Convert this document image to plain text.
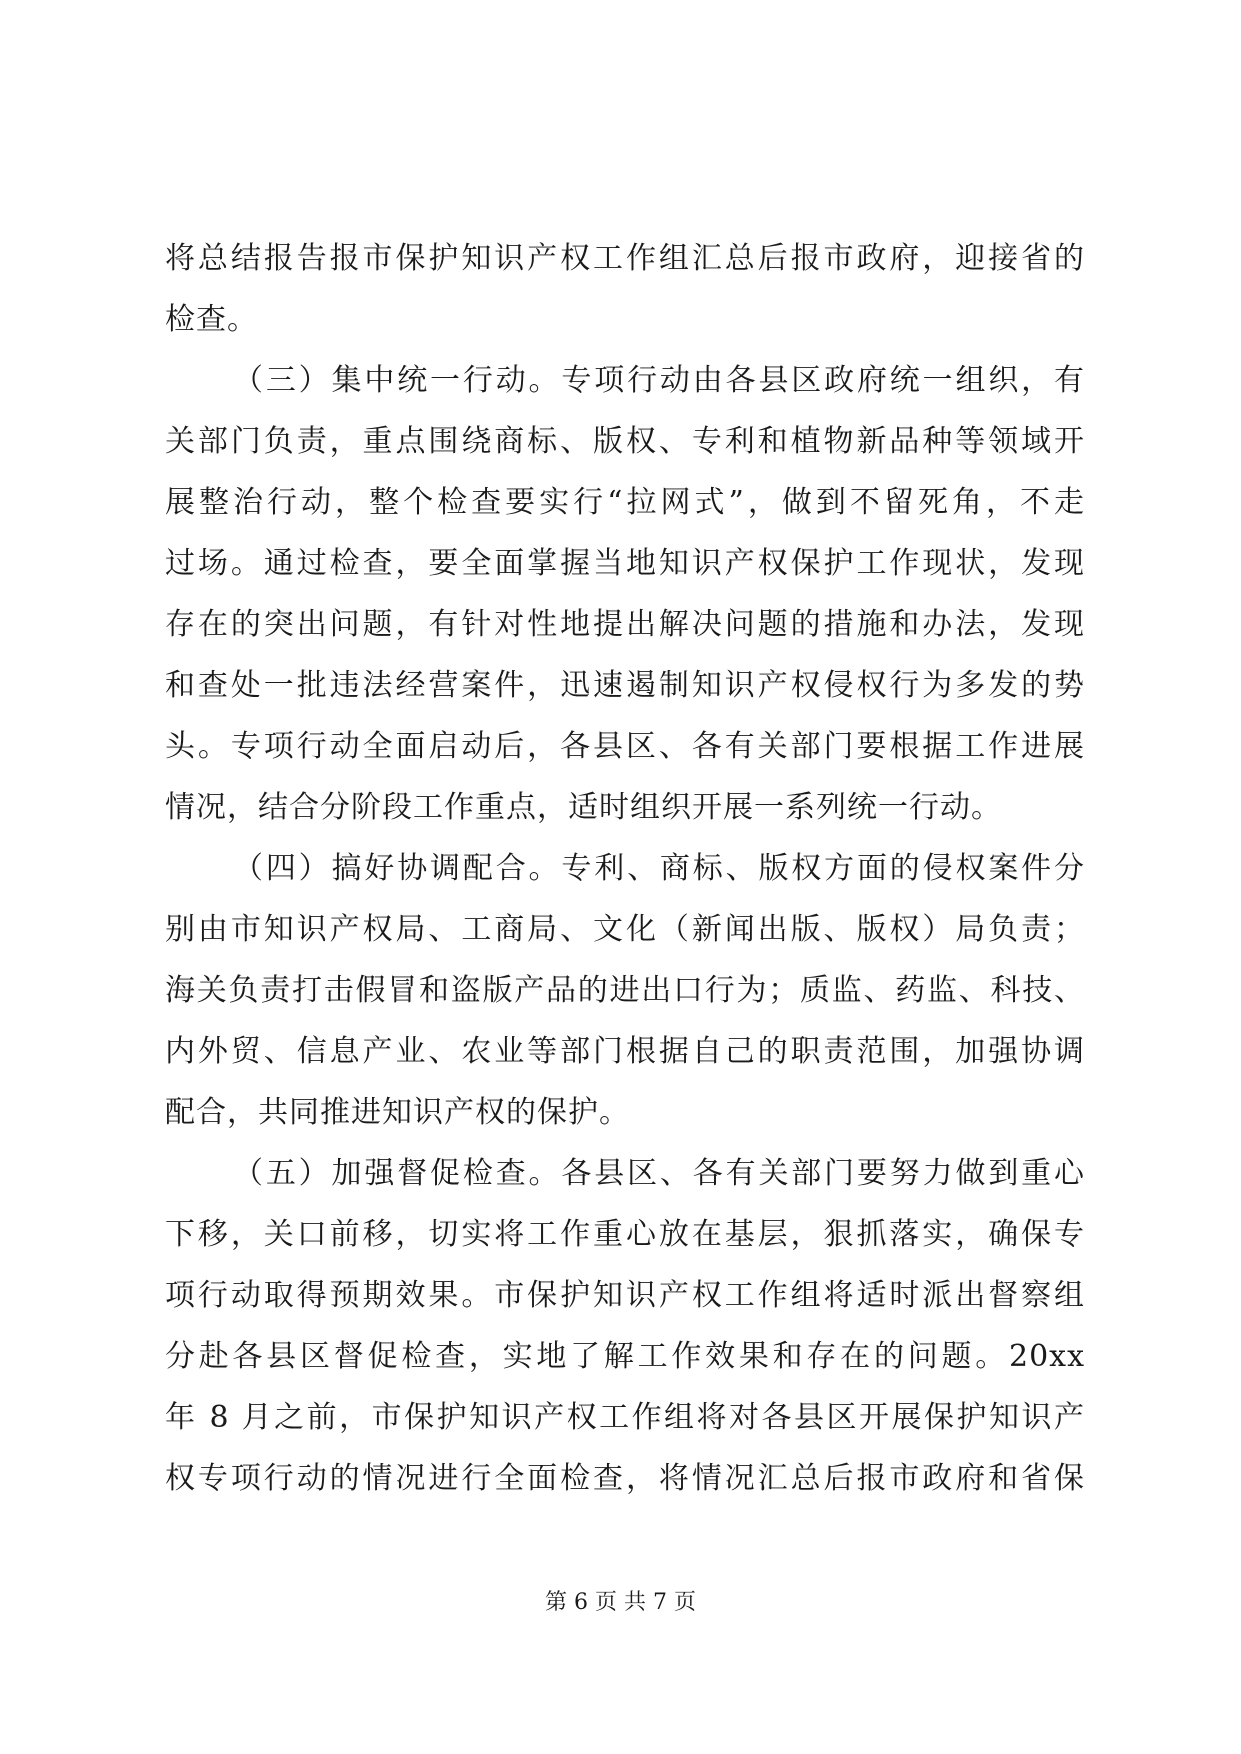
将总结报告报市保护知识产权工作组汇总后报市政府，迎接省的
检查。
（三）集中统一行动。专项行动由各县区政府统一组织，有
关部门负责，重点围绕商标、版权、专利和植物新品种等领域开
展整治行动，整个检查要实行“拉网式”，做到不留死角，不走
过场。通过检查，要全面掌握当地知识产权保护工作现状，发现
存在的突出问题，有针对性地提出解决问题的措施和办法，发现
和查处一批违法经营案件，迅速遏制知识产权侵权行为多发的势
头。专项行动全面启动后，各县区、各有关部门要根据工作进展
情况，结合分阶段工作重点，适时组织开展一系列统一行动。
（四）搞好协调配合。专利、商标、版权方面的侵权案件分
别由市知识产权局、工商局、文化（新闻出版、版权）局负责；
海关负责打击假冒和盗版产品的进出口行为；质监、药监、科技、
内外贸、信息产业、农业等部门根据自己的职责范围，加强协调
配合，共同推进知识产权的保护。
（五）加强督促检查。各县区、各有关部门要努力做到重心
下移，关口前移，切实将工作重心放在基层，狠抓落实，确保专
项行动取得预期效果。市保护知识产权工作组将适时派出督察组
分赴各县区督促检查，实地了解工作效果和存在的问题。20xx
年 8 月之前，市保护知识产权工作组将对各县区开展保护知识产
权专项行动的情况进行全面检查，将情况汇总后报市政府和省保
第 6 页 共 7 页
